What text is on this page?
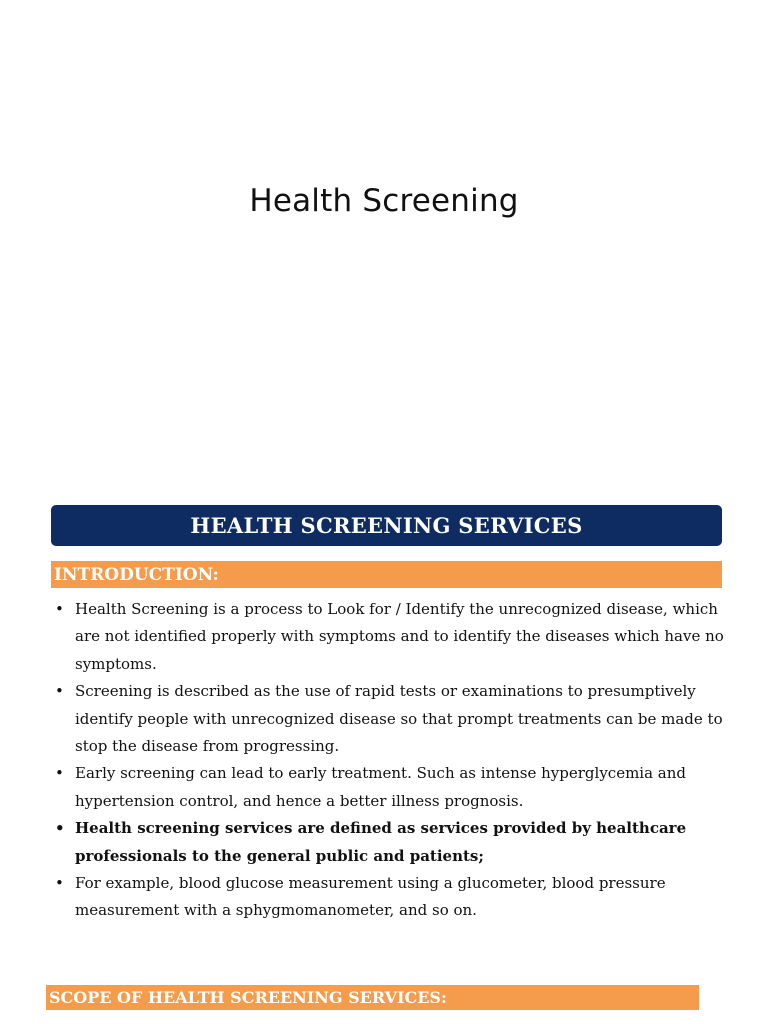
Health Screening
HEALTH SCREENING SERVICES
INTRODUCTION:
• Health Screening is a process to Look for / Identify the unrecognized disease, which are not identified properly with symptoms and to identify the diseases which have no symptoms.
• Screening is described as the use of rapid tests or examinations to presumptively identify people with unrecognized disease so that prompt treatments can be made to stop the disease from progressing.
• Early screening can lead to early treatment. Such as intense hyperglycemia and hypertension control, and hence a better illness prognosis.
• Health screening services are defined as services provided by healthcare professionals to the general public and patients;
• For example, blood glucose measurement using a glucometer, blood pressure measurement with a sphygmomanometer, and so on.
SCOPE OF HEALTH SCREENING SERVICES:
